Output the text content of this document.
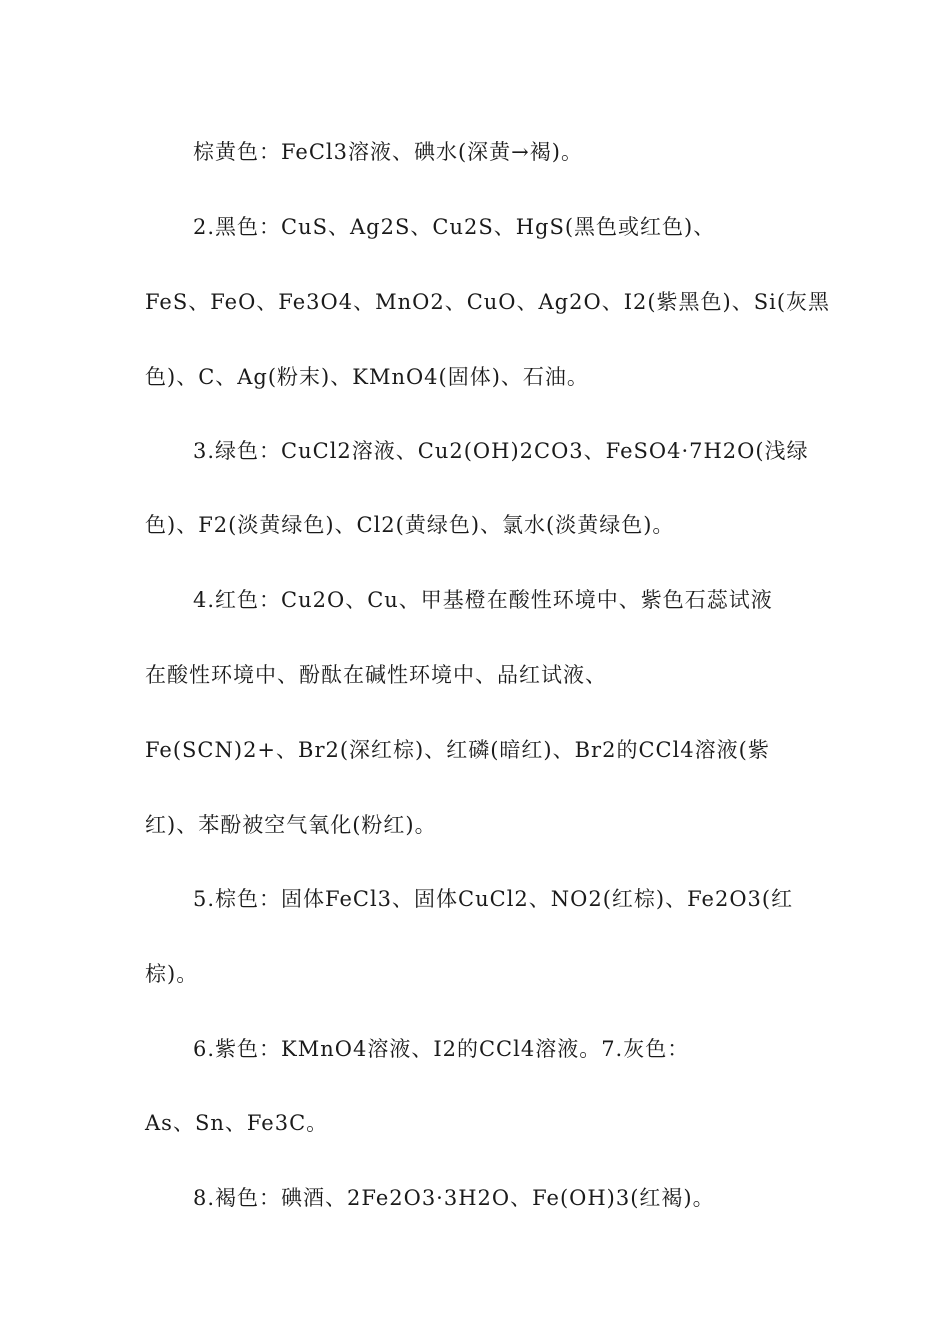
棕黄色：FeCl3溶液、碘水(深黄→褐)。
2.黑色：CuS、Ag2S、Cu2S、HgS(黑色或红色)、
FeS、FeO、Fe3O4、MnO2、CuO、Ag2O、I2(紫黑色)、Si(灰黑
色)、C、Ag(粉末)、KMnO4(固体)、石油。
3.绿色：CuCl2溶液、Cu2(OH)2CO3、FeSO4·7H2O(浅绿
色)、F2(淡黄绿色)、Cl2(黄绿色)、氯水(淡黄绿色)。
4.红色：Cu2O、Cu、甲基橙在酸性环境中、紫色石蕊试液
在酸性环境中、酚酞在碱性环境中、品红试液、
Fe(SCN)2+、Br2(深红棕)、红磷(暗红)、Br2的CCl4溶液(紫
红)、苯酚被空气氧化(粉红)。
5.棕色：固体FeCl3、固体CuCl2、NO2(红棕)、Fe2O3(红
棕)。
6.紫色：KMnO4溶液、I2的CCl4溶液。7.灰色：
As、Sn、Fe3C。
8.褐色：碘酒、2Fe2O3·3H2O、Fe(OH)3(红褐)。
